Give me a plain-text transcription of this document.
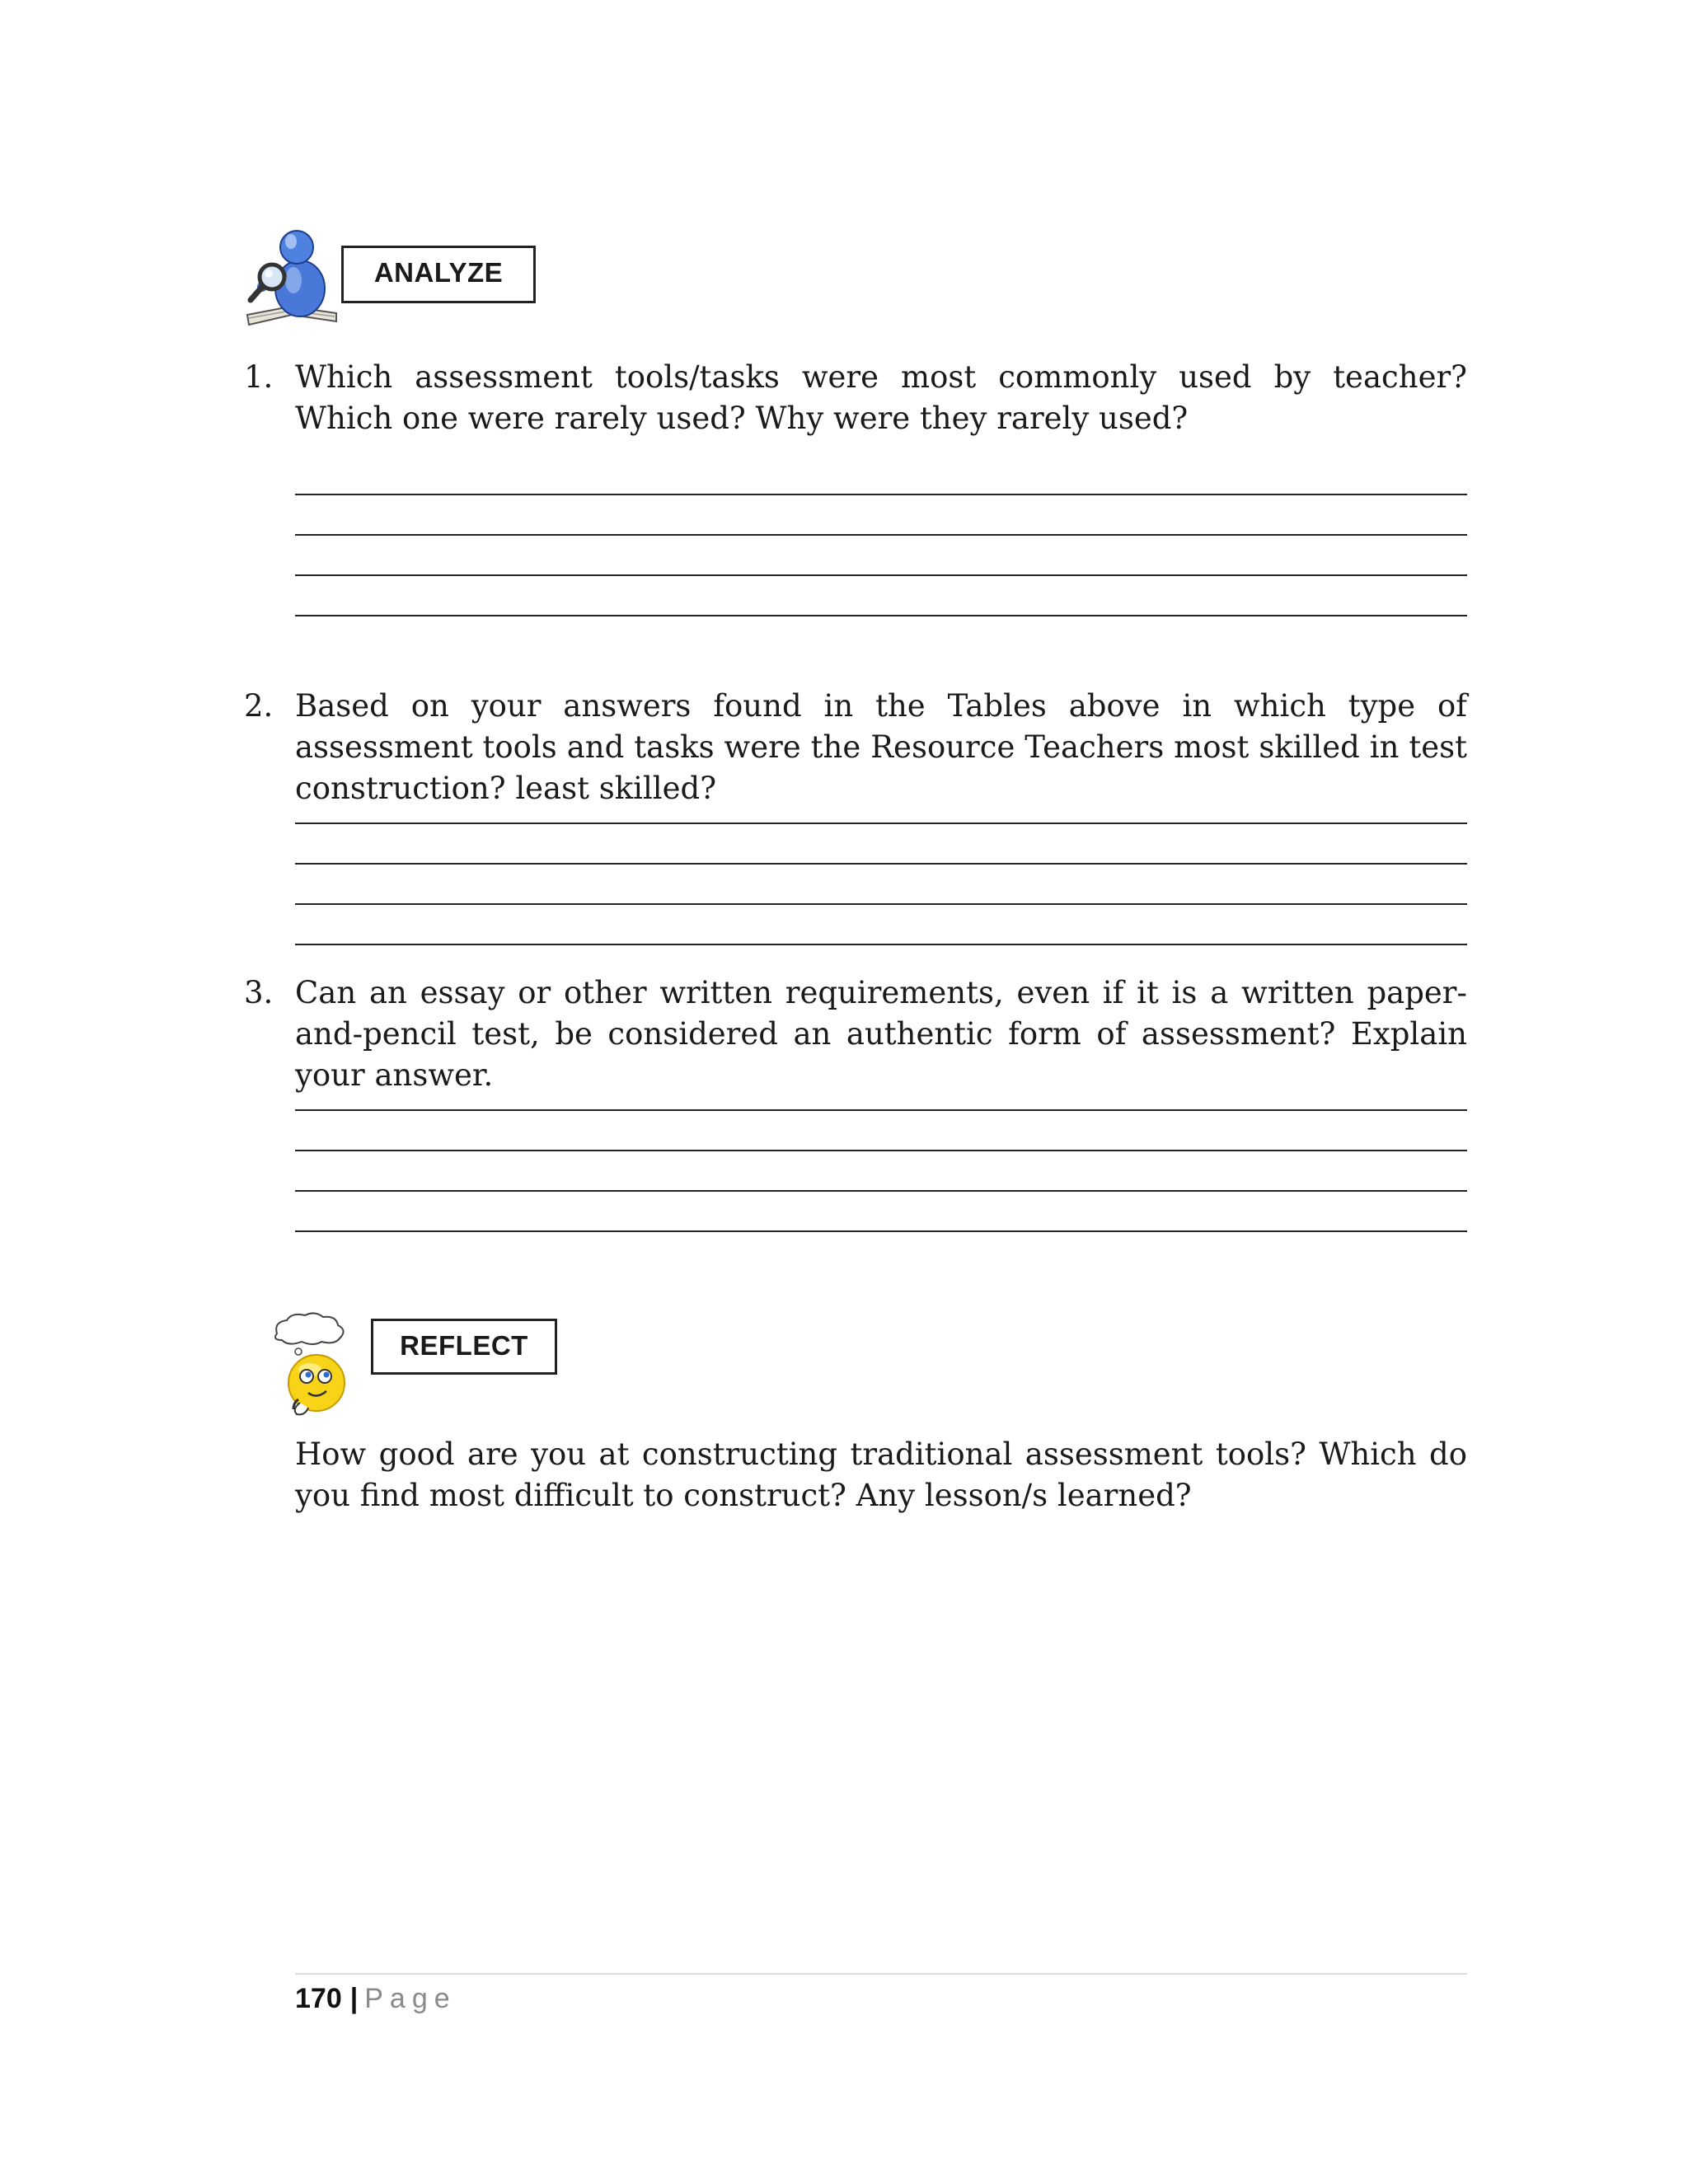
ANALYZE
1. Which assessment tools/tasks were most commonly used by teacher? Which one were rarely used? Why were they rarely used?
2. Based on your answers found in the Tables above in which type of assessment tools and tasks were the Resource Teachers most skilled in test construction? least skilled?
3. Can an essay or other written requirements, even if it is a written paper-and-pencil test, be considered an authentic form of assessment? Explain your answer.
REFLECT
How good are you at constructing traditional assessment tools? Which do you find most difficult to construct? Any lesson/s learned?
170 | Page
